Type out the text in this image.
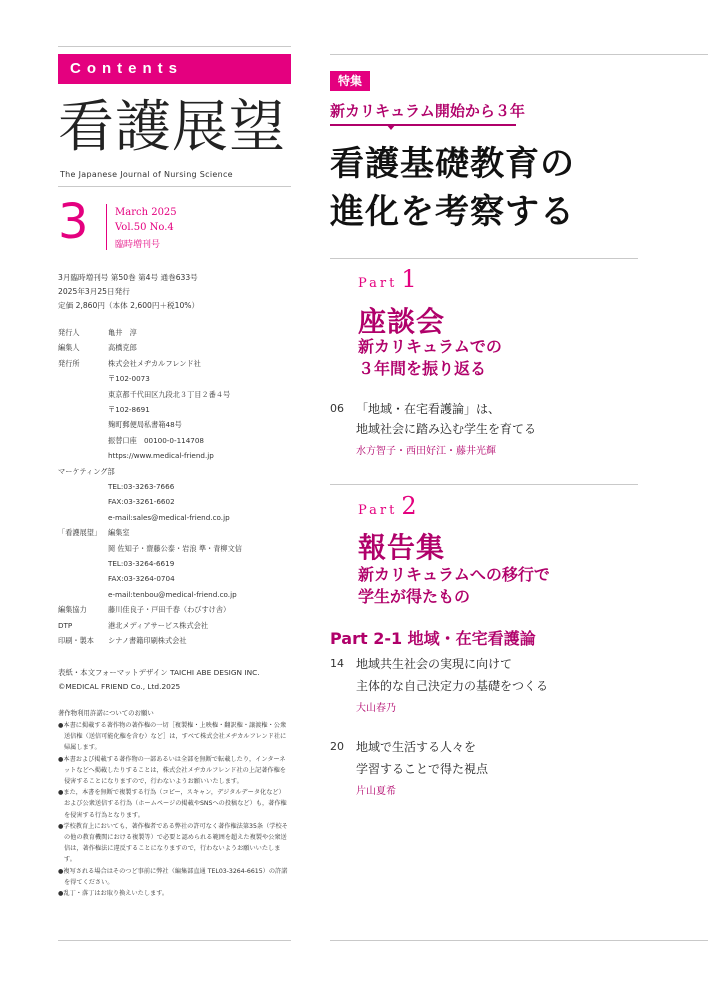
Contents
看護展望
The Japanese Journal of Nursing Science
3	March 2025
Vol.50 No.4
臨時増刊号
3月臨時増刊号 第50巻 第4号 通巻633号
2025年3月25日発行
定価 2,860円（本体 2,600円＋税10%）
発行人	亀井　淳
編集人	高橋克郎
発行所	株式会社メヂカルフレンド社
〒102-0073
東京都千代田区九段北３丁目２番４号
〒102-8691
麹町郵便局私書箱48号
振替口座　00100-0-114708
https://www.medical-friend.jp
マーケティング部
TEL:03-3263-7666
FAX:03-3261-6602
e-mail:sales@medical-friend.co.jp
「看護展望」 編集室
岡 佐知子・齋藤公泰・岩浪 準・青柳文信
TEL:03-3264-6619
FAX:03-3264-0704
e-mail:tenbou@medical-friend.co.jp
編集協力	藤川佳良子・戸田千春（わびすけ舎）
DTP	港北メディアサービス株式会社
印刷・製本 シナノ書籍印刷株式会社
表紙・本文フォーマットデザイン TAICHI ABE DESIGN INC.
©MEDICAL FRIEND Co., Ltd.2025
著作物利用許諾についてのお願い

●本書に掲載する著作物の著作権の一切［複製権・上映権・翻訳権・譲渡権・公衆送信権（送信可能化権を含む）など］は，すべて株式会社メヂカルフレンド社に帰属します。

●本書および掲載する著作物の一部あるいは全部を無断で転載したり，インターネットなどへ掲載したりすることは，株式会社メヂカルフレンド社の上記著作権を侵害することになりますので，行わないようお願いいたします。

●また，本書を無断で複製する行為（コピー，スキャン，デジタルデータ化など）および公衆送信する行為（ホームページの掲載やSNSへの投稿など）も，著作権を侵害する行為となります。

●学校教育上においても，著作権者である弊社の許可なく著作権法第35条（学校その他の教育機関における複製等）で必要と認められる範囲を超えた複製や公衆送信は，著作権法に違反することになりますので，行わないようお願いいたします。

●複写される場合はそのつど事前に弊社（編集部直通 TEL03-3264-6615）の許諾を得てください。

●乱丁・落丁はお取り換えいたします。

特集
新カリキュラム開始から３年
看護基礎教育の
進化を考察する
Part 1
座談会
新カリキュラムでの
３年間を振り返る
06 「地域・在宅看護論」は、
地域社会に踏み込む学生を育てる
水方智子・西田好江・藤井光輝
Part 2
報告集
新カリキュラムへの移行で
学生が得たもの
Part 2-1 地域・在宅看護論
14 地域共生社会の実現に向けて
主体的な自己決定力の基礎をつくる
大山春乃
20 地域で生活する人々を
学習することで得た視点
片山夏希
